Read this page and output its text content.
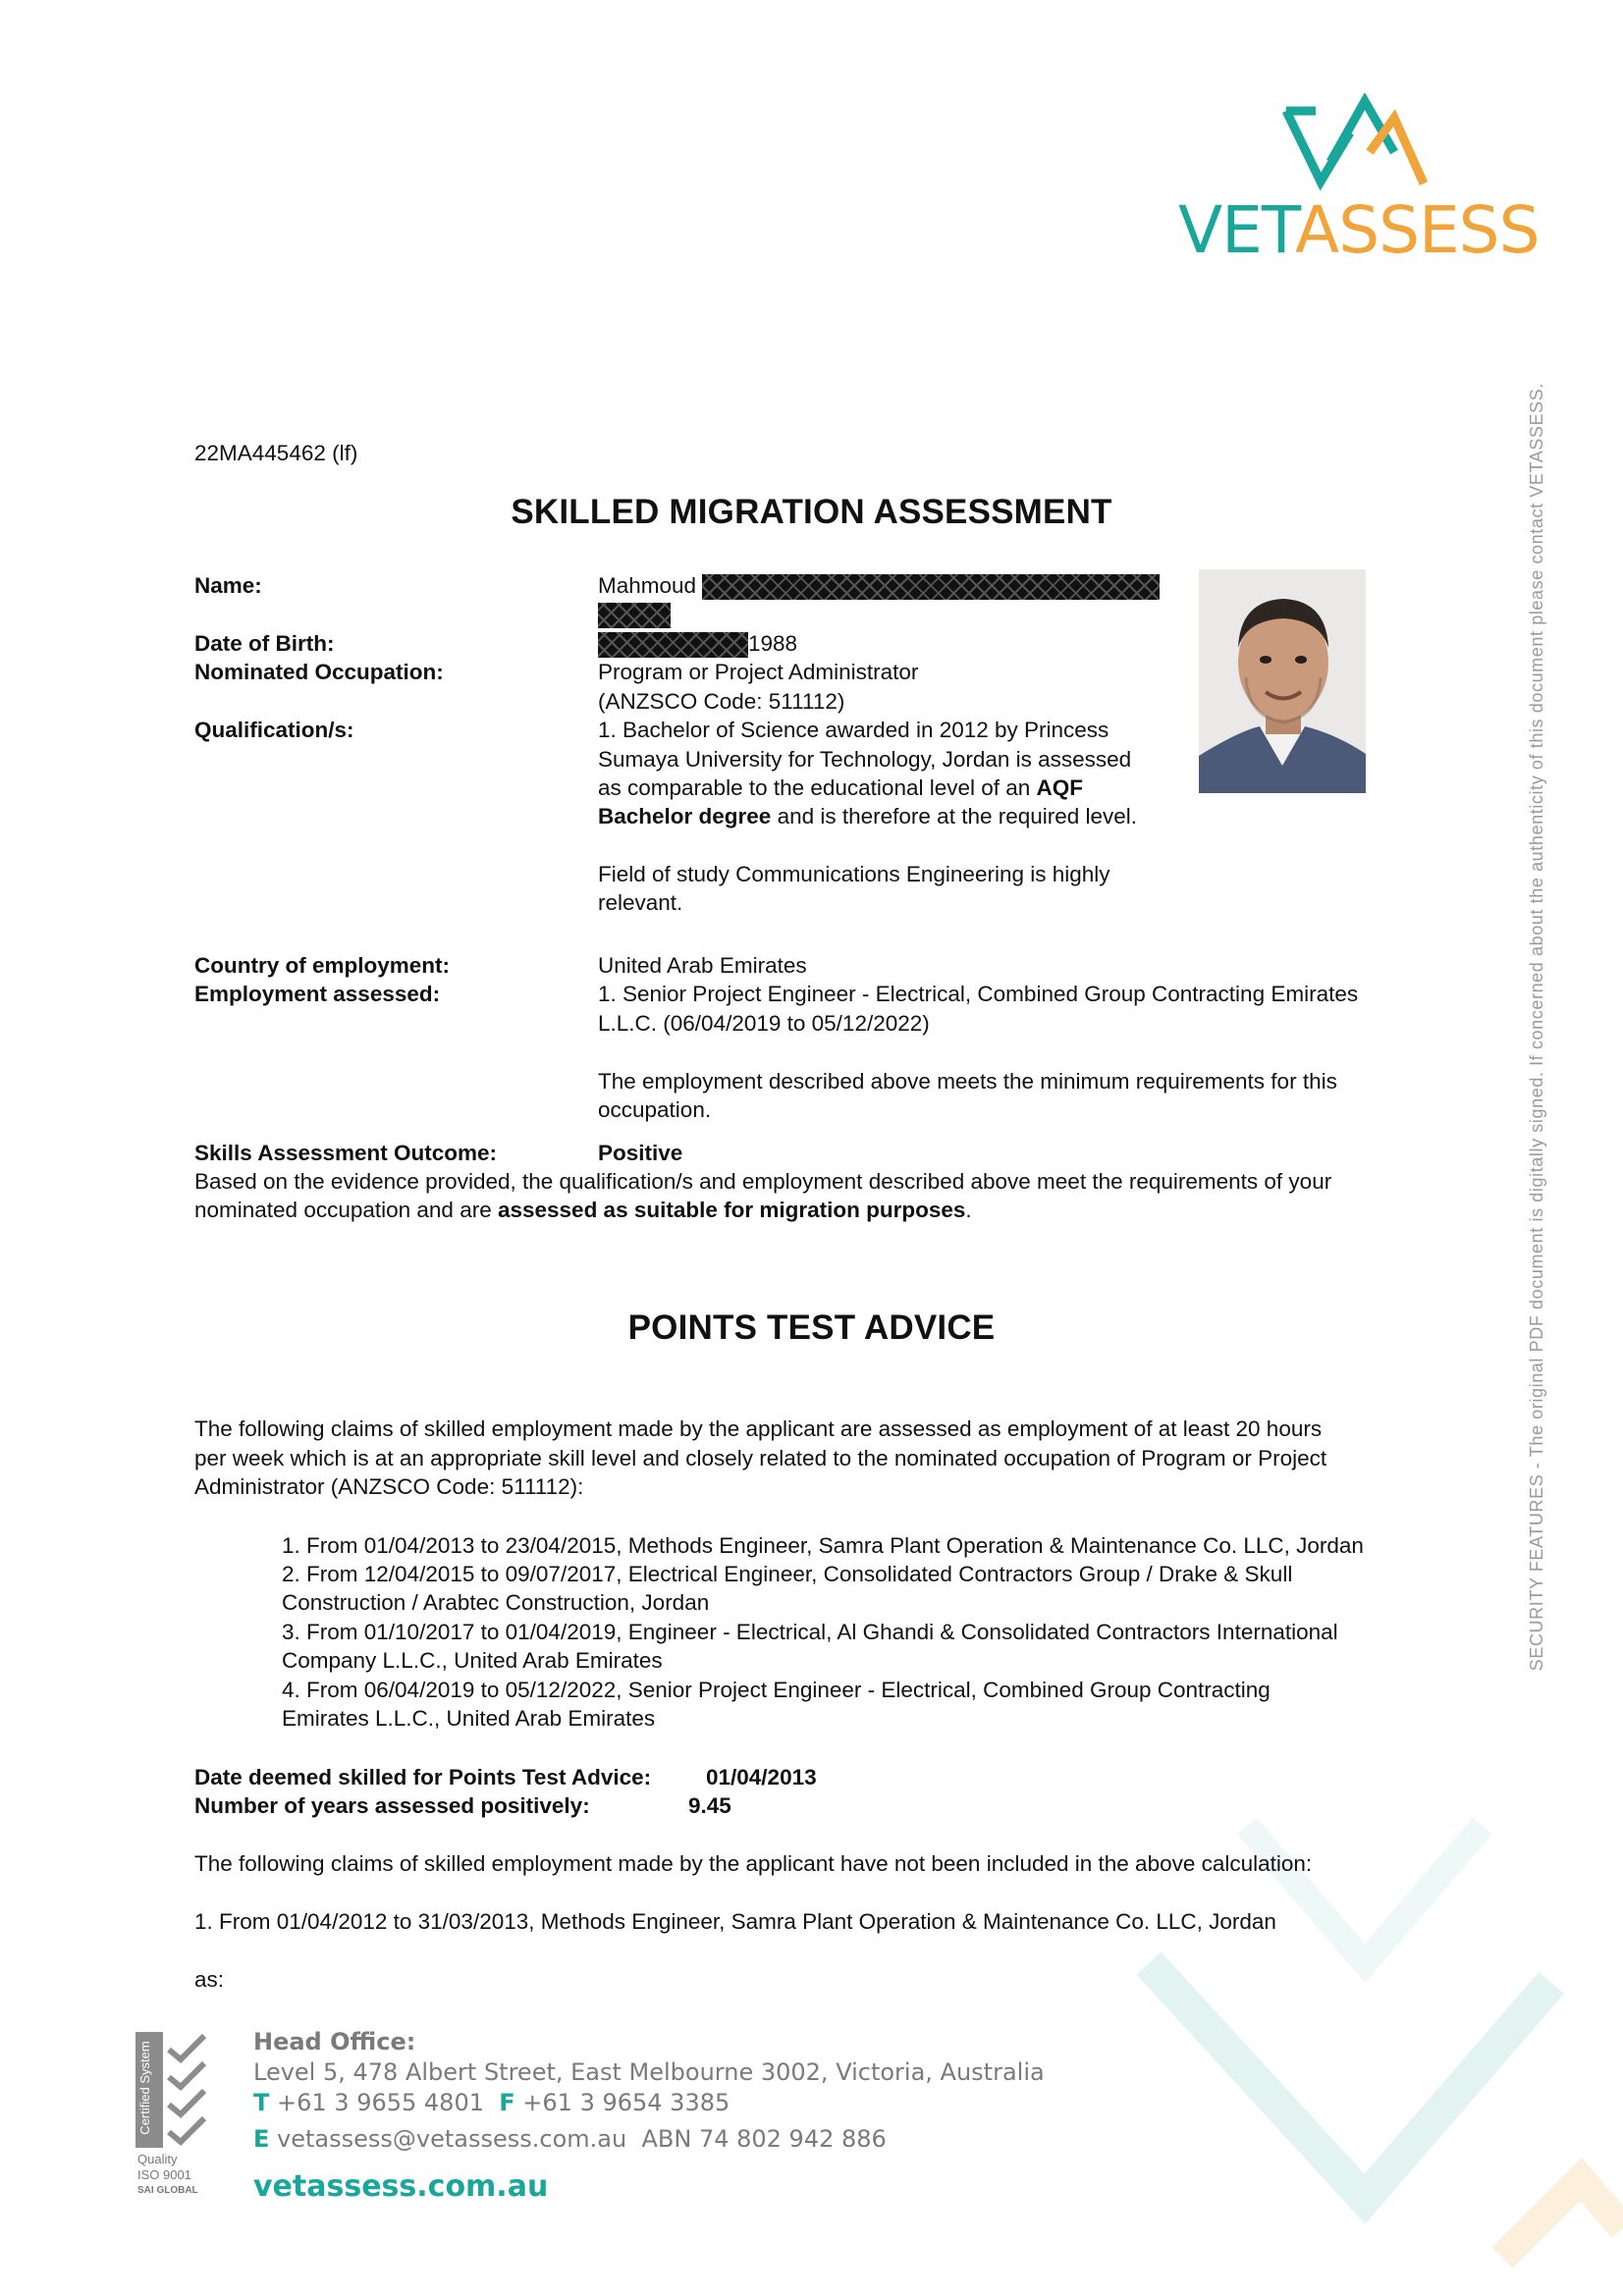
VETASSESS
SECURITY FEATURES - The original PDF document is digitally signed. If concerned about the authenticity of this document please contact VETASSESS.
22MA445462 (lf)
SKILLED MIGRATION ASSESSMENT
Name:	Mahmoud
Date of Birth:	1988
Nominated Occupation:	Program or Project Administrator
(ANZSCO Code: 511112)
Qualification/s:	1. Bachelor of Science awarded in 2012 by Princess
Sumaya University for Technology, Jordan is assessed
as comparable to the educational level of an AQF
Bachelor degree and is therefore at the required level.
Field of study Communications Engineering is highly
relevant.
Country of employment:	United Arab Emirates
Employment assessed:	1. Senior Project Engineer - Electrical, Combined Group Contracting Emirates
L.L.C. (06/04/2019 to 05/12/2022)
The employment described above meets the minimum requirements for this
occupation.
Skills Assessment Outcome:	Positive
Based on the evidence provided, the qualification/s and employment described above meet the requirements of your
nominated occupation and are assessed as suitable for migration purposes.
POINTS TEST ADVICE
The following claims of skilled employment made by the applicant are assessed as employment of at least 20 hours
per week which is at an appropriate skill level and closely related to the nominated occupation of Program or Project
Administrator (ANZSCO Code: 511112):
1. From 01/04/2013 to 23/04/2015, Methods Engineer, Samra Plant Operation & Maintenance Co. LLC, Jordan
2. From 12/04/2015 to 09/07/2017, Electrical Engineer, Consolidated Contractors Group / Drake & Skull
Construction / Arabtec Construction, Jordan
3. From 01/10/2017 to 01/04/2019, Engineer - Electrical, Al Ghandi & Consolidated Contractors International
Company L.L.C., United Arab Emirates
4. From 06/04/2019 to 05/12/2022, Senior Project Engineer - Electrical, Combined Group Contracting
Emirates L.L.C., United Arab Emirates
Date deemed skilled for Points Test Advice: 01/04/2013
Number of years assessed positively:	9.45
The following claims of skilled employment made by the applicant have not been included in the above calculation:
1. From 01/04/2012 to 31/03/2013, Methods Engineer, Samra Plant Operation & Maintenance Co. LLC, Jordan
as:
Certified System
Quality
ISO 9001
SAI GLOBAL
Head Office:
Level 5, 478 Albert Street, East Melbourne 3002, Victoria, Australia
T +61 3 9655 4801 F +61 3 9654 3385
E vetassess@vetassess.com.au ABN 74 802 942 886
vetassess.com.au
